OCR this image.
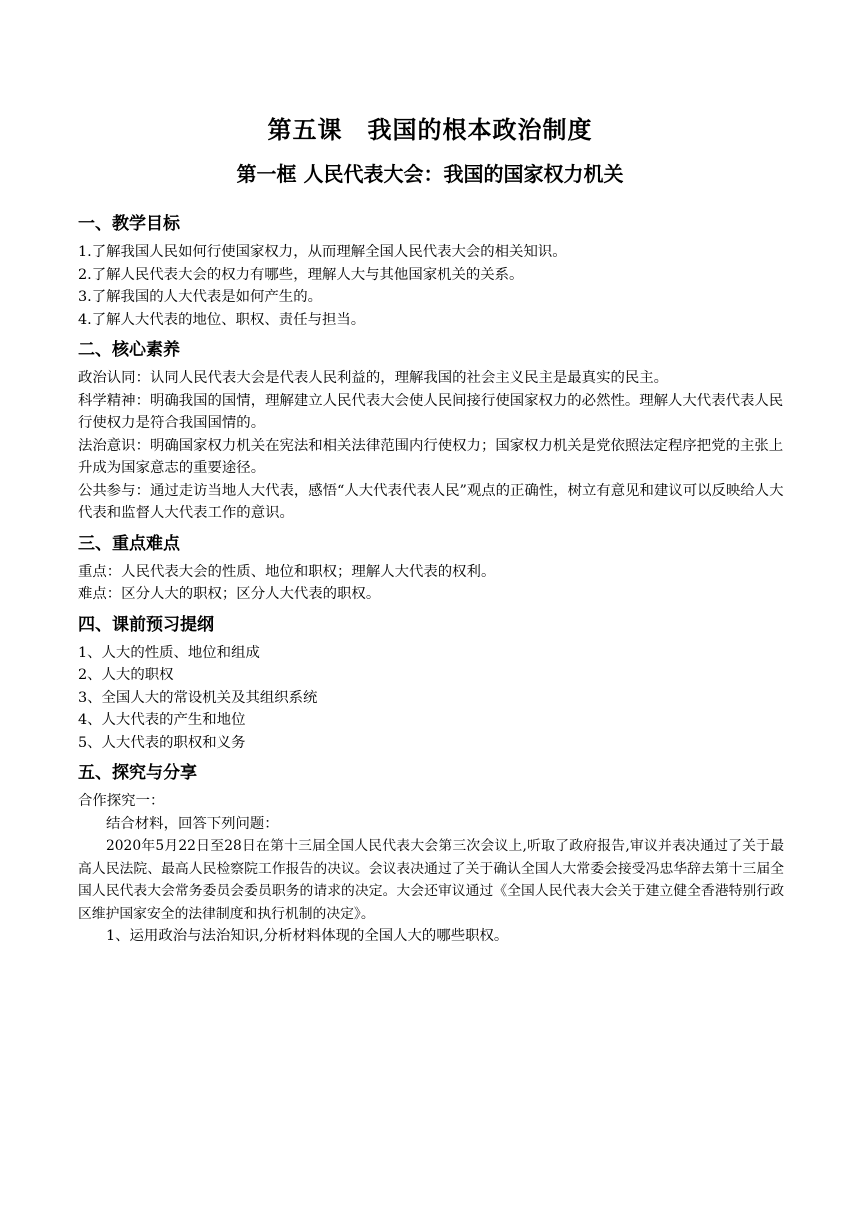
第五课　我国的根本政治制度
第一框 人民代表大会：我国的国家权力机关
一、教学目标

1.了解我国人民如何行使国家权力，从而理解全国人民代表大会的相关知识。

2.了解人民代表大会的权力有哪些，理解人大与其他国家机关的关系。

3.了解我国的人大代表是如何产生的。

4.了解人大代表的地位、职权、责任与担当。

二、核心素养

政治认同：认同人民代表大会是代表人民利益的，理解我国的社会主义民主是最真实的民主。

科学精神：明确我国的国情，理解建立人民代表大会使人民间接行使国家权力的必然性。理解人大代表代表人民行使权力是符合我国国情的。

法治意识：明确国家权力机关在宪法和相关法律范围内行使权力；国家权力机关是党依照法定程序把党的主张上升成为国家意志的重要途径。

公共参与：通过走访当地人大代表，感悟“人大代表代表人民”观点的正确性，树立有意见和建议可以反映给人大代表和监督人大代表工作的意识。

三、重点难点

重点：人民代表大会的性质、地位和职权；理解人大代表的权利。

难点：区分人大的职权；区分人大代表的职权。

四、课前预习提纲

1、人大的性质、地位和组成

2、人大的职权

3、全国人大的常设机关及其组织系统

4、人大代表的产生和地位

5、人大代表的职权和义务

五、探究与分享

合作探究一：

结合材料，回答下列问题：

2020年5月22日至28日在第十三届全国人民代表大会第三次会议上,听取了政府报告,审议并表决通过了关于最高人民法院、最高人民检察院工作报告的决议。会议表决通过了关于确认全国人大常委会接受冯忠华辞去第十三届全国人民代表大会常务委员会委员职务的请求的决定。大会还审议通过《全国人民代表大会关于建立健全香港特别行政区维护国家安全的法律制度和执行机制的决定》。

1、运用政治与法治知识,分析材料体现的全国人大的哪些职权。
